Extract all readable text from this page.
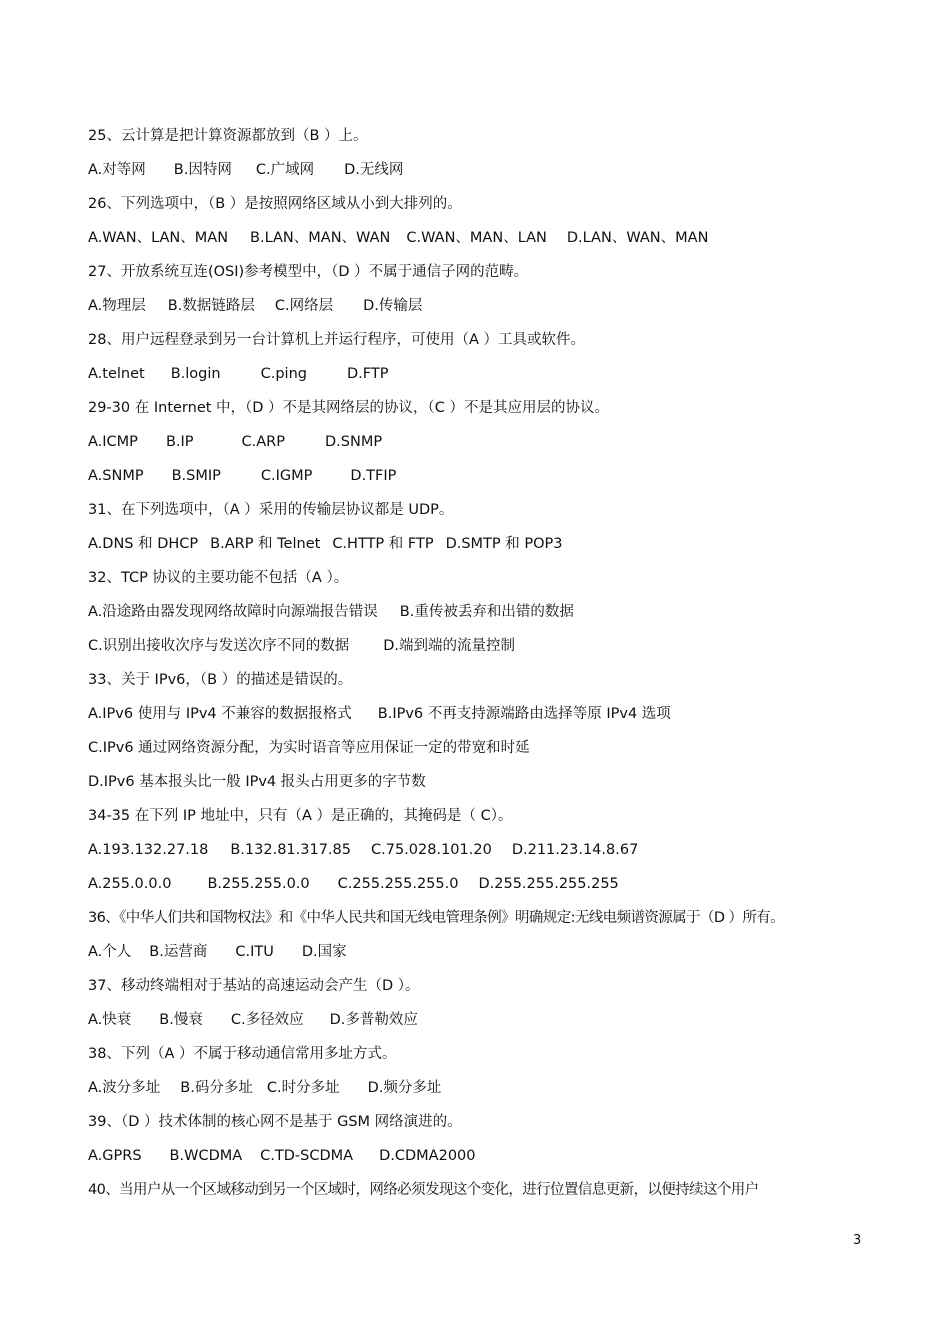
25、云计算是把计算资源都放到（B ）上。
A.对等网 B.因特网 C.广域网 D.无线网
26、下列选项中，（B ）是按照网络区域从小到大排列的。
A.WAN、LAN、MAN B.LAN、MAN、WAN C.WAN、MAN、LAN D.LAN、WAN、MAN
27、开放系统互连(OSI)参考模型中，（D ）不属于通信子网的范畴。
A.物理层 B.数据链路层 C.网络层 D.传输层
28、用户远程登录到另一台计算机上并运行程序，可使用（A ）工具或软件。
A.telnet B.login	C.ping	D.FTP
29-30 在 Internet 中，（D ）不是其网络层的协议，（C ）不是其应用层的协议。
A.ICMP B.IP	C.ARP	D.SNMP
A.SNMP B.SMIP	C.IGMP	D.TFIP
31、在下列选项中，（A ）采用的传输层协议都是 UDP。
A.DNS 和 DHCP B.ARP 和 Telnet C.HTTP 和 FTP D.SMTP 和 POP3
32、TCP 协议的主要功能不包括（A ）。
A.沿途路由器发现网络故障时向源端报告错误 B.重传被丢弃和出错的数据
C.识别出接收次序与发送次序不同的数据 D.端到端的流量控制
33、关于 IPv6，（B ）的描述是错误的。
A.IPv6 使用与 IPv4 不兼容的数据报格式 B.IPv6 不再支持源端路由选择等原 IPv4 选项
C.IPv6 通过网络资源分配，为实时语音等应用保证一定的带宽和时延
D.IPv6 基本报头比一般 IPv4 报头占用更多的字节数
34-35 在下列 IP 地址中，只有（A ）是正确的，其掩码是（ C）。
A.193.132.27.18 B.132.81.317.85 C.75.028.101.20 D.211.23.14.8.67
A.255.0.0.0 B.255.255.0.0 C.255.255.255.0 D.255.255.255.255
36、《中华人们共和国物权法》和《中华人民共和国无线电管理条例》明确规定:无线电频谱资源属于（D ）所有。
A.个人 B.运营商 C.ITU D.国家
37、移动终端相对于基站的高速运动会产生（D ）。
A.快衰 B.慢衰 C.多径效应 D.多普勒效应
38、下列（A ）不属于移动通信常用多址方式。
A.波分多址 B.码分多址 C.时分多址 D.频分多址
39、（D ）技术体制的核心网不是基于 GSM 网络演进的。
A.GPRS B.WCDMA C.TD-SCDMA D.CDMA2000
40、当用户从一个区域移动到另一个区域时，网络必须发现这个变化，进行位置信息更新，以便持续这个用户
3
